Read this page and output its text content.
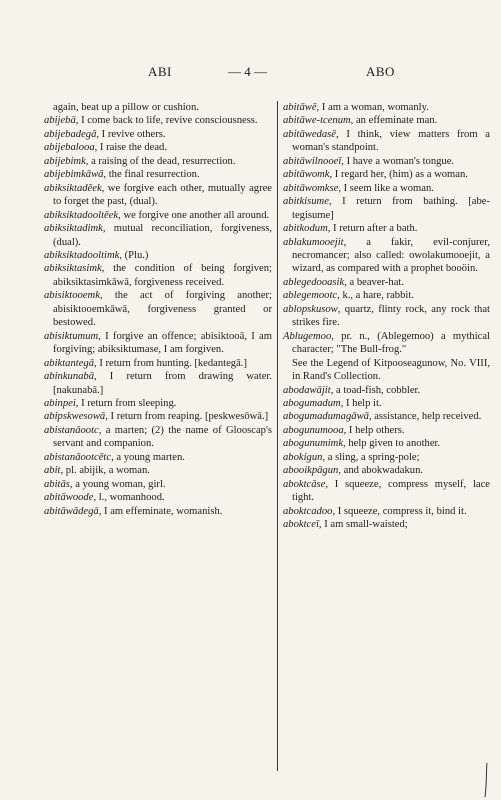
ABI	— 4 —	ABO

again, beat up a pillow or cushion.

abijebā, I come back to life, revive consciousness.

abijebadegā, I revive others.

abijebalooa, I raise the dead.

abijebimk, a raising of the dead, resurrection.

abijebimkāwā, the final resurrection.

abiksiktadēek, we forgive each other, mutually agree to forget the past, (dual).

abiksiktadooltēek, we forgive one another all around.

abiksiktadimk, mutual reconciliation, forgiveness, (dual).

abiksiktadooltimk, (Plu.)

abiksiktasimk, the condition of being forgiven; abiksiktasimkāwā, forgiveness received.

abisiktooemk, the act of forgiving another; abisiktooemkāwā, forgiveness granted or bestowed.

abisiktumum, I forgive an offence; abisiktooā, I am forgiving; abiksiktumase, I am forgiven.

abiktantegā, I return from hunting. [kedantegā.]

abinkunabā, I return from drawing water. [nakunabā.]

abinpei, I return from sleeping.

abipskwesowā, I return from reaping. [peskwesōwā.]

abistanāootc, a marten; (2) the name of Glooscap's servant and companion.

abistanāootcētc, a young marten.

abit, pl. abijik, a woman.

abitās, a young woman, girl.

abitāwoode, l., womanhood.

abitāwādegā, I am effeminate, womanish.

abitāwē, I am a woman, womanly.

abitāwe-tcenum, an effeminate man.

abitāwedasē, I think, view matters from a woman's standpoint.

abitāwilnooeī, I have a woman's tongue.

abitāwomk, I regard her, (him) as a woman.

abitāwomkse, I seem like a woman.

abitkisume, I return from bathing. [abe-tegisume]

abitkodum, I return after a bath.

ablakumooejit, a fakir, evil-conjurer, necromancer; also called: owolakumooejit, a wizard, as compared with a prophet booöin.

ablegedooasik, a beaver-hat.

ablegemootc, k., a hare, rabbit.

ablopskusow, quartz, flinty rock, any rock that strikes fire.

Ablugemoo, pr. n., (Ablegemoo) a mythical character; "The Bull-frog."

See the Legend of Kitpooseagunow, No. VIII, in Rand's Collection.

abodawājit, a toad-fish, cobbler.

abogumadum, I help it.

abogumadumagāwā, assistance, help received.

abogunumooa, I help others.

abogunumimk, help given to another.

abokigun, a sling, a spring-pole;

abooikpāgun, and abokwadakun.

aboktcāse, I squeeze, compress myself, lace tight.

aboktcadoo, I squeeze, compress it, bind it.

aboktceī, I am small-waisted;
